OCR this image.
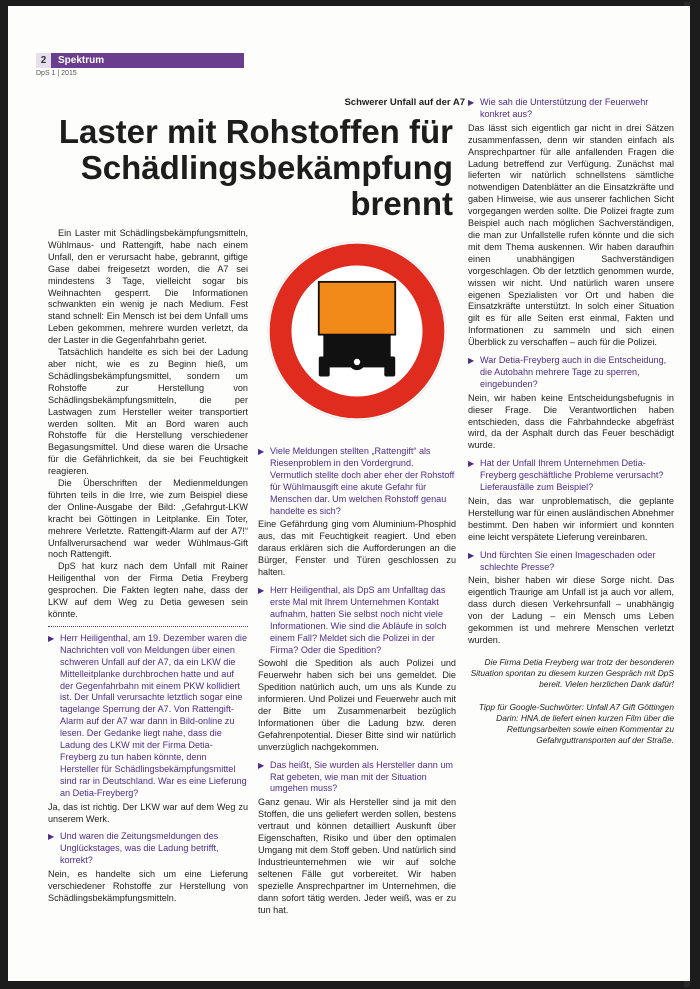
2	Spektrum
DpS 1 | 2015
Schwerer Unfall auf der A7
Laster mit Rohstoffen für
Schädlingsbekämpfung
brennt

Ein Laster mit Schädlingsbekämpfungsmitteln, Wühlmaus- und Rattengift, habe nach einem Unfall, den er verursacht habe, gebrannt, giftige Gase dabei freigesetzt worden, die A7 sei mindestens 3 Tage, vielleicht sogar bis Weihnachten gesperrt. Die Informationen schwankten ein wenig je nach Medium. Fest stand schnell: Ein Mensch ist bei dem Unfall ums Leben gekommen, mehrere wurden verletzt, da der Laster in die Gegenfahrbahn geriet.

Tatsächlich handelte es sich bei der Ladung aber nicht, wie es zu Beginn hieß, um Schädlingsbekämpfungsmittel, sondern um Rohstoffe zur Herstellung von Schädlingsbekämpfungsmitteln, die per Lastwagen zum Hersteller weiter transportiert werden sollten. Mit an Bord waren auch Rohstoffe für die Herstellung verschiedener Begasungsmittel. Und diese waren die Ursache für die Gefährlichkeit, da sie bei Feuchtigkeit reagieren.

Die Überschriften der Medienmeldungen führten teils in die Irre, wie zum Beispiel diese der Online-Ausgabe der Bild: „Gefahrgut-LKW kracht bei Göttingen in Leitplanke. Ein Toter, mehrere Verletzte. Rattengift-Alarm auf der A7!“ Unfallverursachend war weder Wühlmaus-Gift noch Rattengift.

DpS hat kurz nach dem Unfall mit Rainer Heiligenthal von der Firma Detia Freyberg gesprochen. Die Fakten legten nahe, dass der LKW auf dem Weg zu Detia gewesen sein könnte.

▶ Herr Heiligenthal, am 19. Dezember waren die Nachrichten voll von Meldungen über einen schweren Unfall auf der A7, da ein LKW die Mittelleitplanke durchbrochen hatte und auf der Gegenfahrbahn mit einem PKW kollidiert ist. Der Unfall verursachte letztlich sogar eine tagelange Sperrung der A7. Von Rattengift-Alarm auf der A7 war dann in Bild-online zu lesen. Der Gedanke liegt nahe, dass die Ladung des LKW mit der Firma Detia-Freyberg zu tun haben könnte, denn Hersteller für Schädlingsbekämpfungsmittel sind rar in Deutschland. War es eine Lieferung an Detia-Freyberg?

Ja, das ist richtig. Der LKW war auf dem Weg zu unserem Werk.

▶ Und waren die Zeitungsmeldungen des Unglückstages, was die Ladung betrifft, korrekt?

Nein, es handelte sich um eine Lieferung verschiedener Rohstoffe zur Herstellung von Schädlingsbekämpfungsmitteln.

▶ Viele Meldungen stellten „Rattengift“ als Riesenproblem in den Vordergrund. Vermutlich stellte doch aber eher der Rohstoff für Wühlmausgift eine akute Gefahr für Menschen dar. Um welchen Rohstoff genau handelte es sich?

Eine Gefährdung ging vom Aluminium-Phosphid aus, das mit Feuchtigkeit reagiert. Und eben daraus erklären sich die Aufforderungen an die Bürger, Fenster und Türen geschlossen zu halten.

▶ Herr Heiligenthal, als DpS am Unfalltag das erste Mal mit Ihrem Unternehmen Kontakt aufnahm, hatten Sie selbst noch nicht viele Informationen. Wie sind die Abläufe in solch einem Fall? Meldet sich die Polizei in der Firma? Oder die Spedition?

Sowohl die Spedition als auch Polizei und Feuerwehr haben sich bei uns gemeldet. Die Spedition natürlich auch, um uns als Kunde zu informieren. Und Polizei und Feuerwehr auch mit der Bitte um Zusammenarbeit bezüglich Informationen über die Ladung bzw. deren Gefahrenpotential. Dieser Bitte sind wir natürlich unverzüglich nachgekommen.

▶ Das heißt, Sie wurden als Hersteller dann um Rat gebeten, wie man mit der Situation umgehen muss?

Ganz genau. Wir als Hersteller sind ja mit den Stoffen, die uns geliefert werden sollen, bestens vertraut und können detailliert Auskunft über Eigenschaften, Risiko und über den optimalen Umgang mit dem Stoff geben. Und natürlich sind Industrieunternehmen wie wir auf solche seltenen Fälle gut vorbereitet. Wir haben spezielle Ansprechpartner im Unternehmen, die dann sofort tätig werden. Jeder weiß, was er zu tun hat.

▶ Wie sah die Unterstützung der Feuerwehr konkret aus?

Das lässt sich eigentlich gar nicht in drei Sätzen zusammenfassen, denn wir standen einfach als Ansprechpartner für alle anfallenden Fragen die Ladung betreffend zur Verfügung. Zunächst mal lieferten wir natürlich schnellstens sämtliche notwendigen Datenblätter an die Einsatzkräfte und gaben Hinweise, wie aus unserer fachlichen Sicht vorgegangen werden sollte. Die Polizei fragte zum Beispiel auch nach möglichen Sachverständigen, die man zur Unfallstelle rufen könnte und die sich mit dem Thema auskennen. Wir haben daraufhin einen unabhängigen Sachverständigen vorgeschlagen. Ob der letztlich genommen wurde, wissen wir nicht. Und natürlich waren unsere eigenen Spezialisten vor Ort und haben die Einsatzkräfte unterstützt. In solch einer Situation gilt es für alle Seiten erst einmal, Fakten und Informationen zu sammeln und sich einen Überblick zu verschaffen – auch für die Polizei.

▶ War Detia-Freyberg auch in die Entscheidung, die Autobahn mehrere Tage zu sperren, eingebunden?

Nein, wir haben keine Entscheidungsbefugnis in dieser Frage. Die Verantwortlichen haben entschieden, dass die Fahrbahndecke abgefräst wird, da der Asphalt durch das Feuer beschädigt wurde.

▶ Hat der Unfall Ihrem Unternehmen Detia-Freyberg geschäftliche Probleme verursacht? Lieferausfälle zum Beispiel?

Nein, das war unproblematisch, die geplante Herstellung war für einen ausländischen Abnehmer bestimmt. Den haben wir informiert und konnten eine leicht verspätete Lieferung vereinbaren.

▶ Und fürchten Sie einen Imageschaden oder schlechte Presse?

Nein, bisher haben wir diese Sorge nicht. Das eigentlich Traurige am Unfall ist ja auch vor allem, dass durch diesen Verkehrsunfall – unabhängig von der Ladung – ein Mensch ums Leben gekommen ist und mehrere Menschen verletzt wurden.

Die Firma Detia Freyberg war trotz der besonderen Situation spontan zu diesem kurzen Gespräch mit DpS bereit. Vielen herzlichen Dank dafür!

Tipp für Google-Suchwörter: Unfall A7 Gift Göttingen

Darin: HNA.de liefert einen kurzen Film über die Rettungsarbeiten sowie einen Kommentar zu Gefahrguttransporten auf der Straße.
